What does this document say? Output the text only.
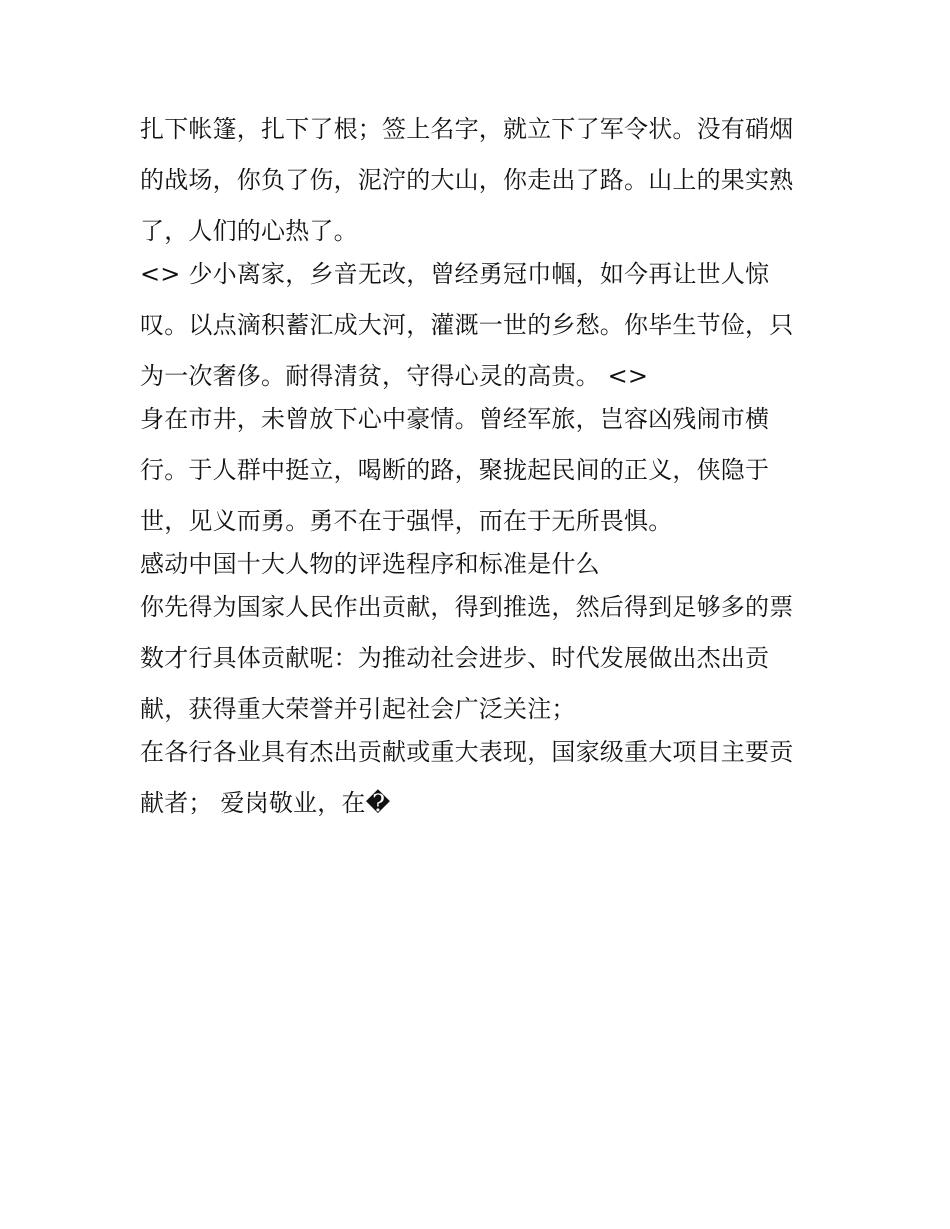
扎下帐篷，扎下了根；签上名字，就立下了军令状。没有硝烟
的战场，你负了伤，泥泞的大山，你走出了路。山上的果实熟
了，人们的心热了。
<> 少小离家，乡音无改，曾经勇冠巾帼，如今再让世人惊
叹。以点滴积蓄汇成大河，灌溉一世的乡愁。你毕生节俭，只
为一次奢侈。耐得清贫，守得心灵的高贵。 <>
身在市井，未曾放下心中豪情。曾经军旅，岂容凶残闹市横
行。于人群中挺立，喝断的路，聚拢起民间的正义，侠隐于
世，见义而勇。勇不在于强悍，而在于无所畏惧。
感动中国十大人物的评选程序和标准是什么
你先得为国家人民作出贡献，得到推选，然后得到足够多的票
数才行具体贡献呢：为推动社会进步、时代发展做出杰出贡
献，获得重大荣誉并引起社会广泛关注；
在各行各业具有杰出贡献或重大表现，国家级重大项目主要贡
献者； 爱岗敬业，在�
